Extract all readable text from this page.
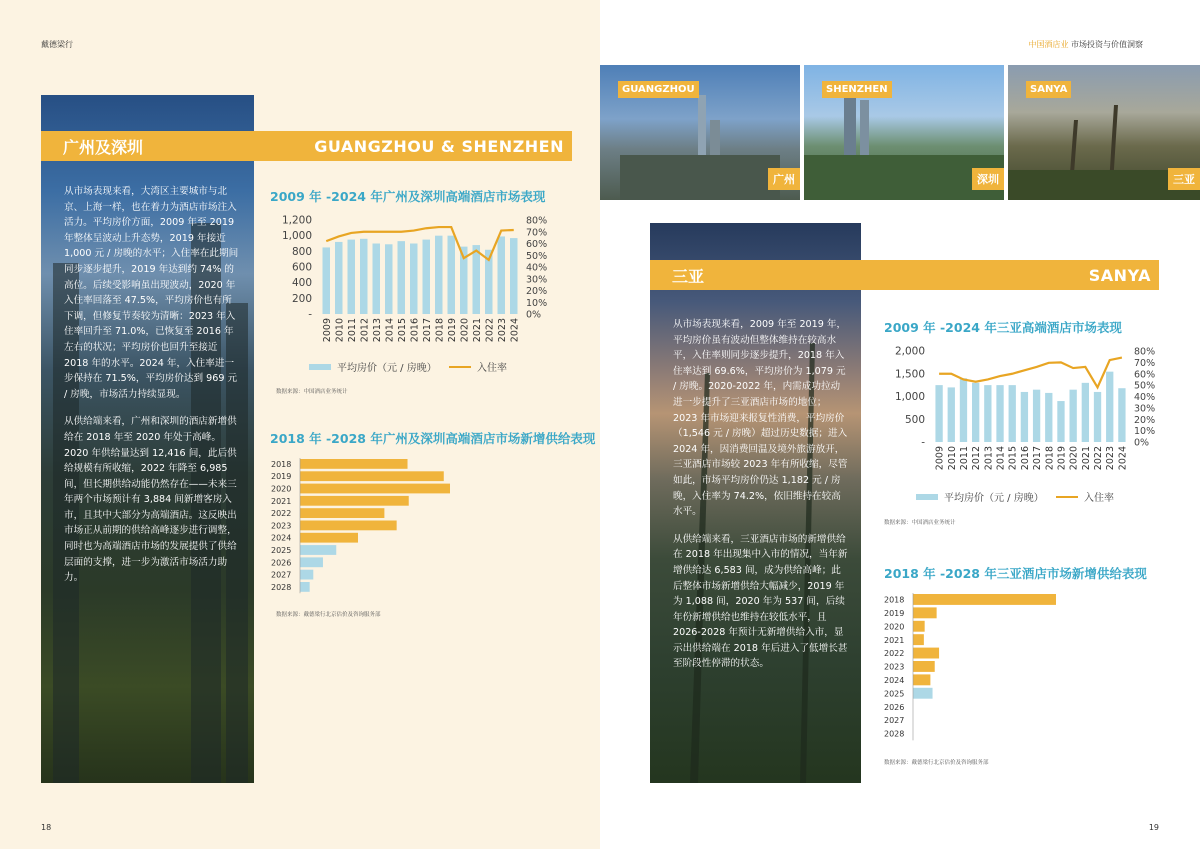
戴德梁行
广州及深圳	GUANGZHOU & SHENZHEN

从市场表现来看，大湾区主要城市与北京、上海一样，也在着力为酒店市场注入活力。平均房价方面，2009 年至 2019 年整体呈波动上升态势，2019 年接近 1,000 元 / 房晚的水平；入住率在此期间同步逐步提升，2019 年达到约 74% 的高位。后续受影响虽出现波动，2020 年入住率回落至 47.5%，平均房价也有所下调，但修复节奏较为清晰：2023 年入住率回升至 71.0%，已恢复至 2016 年左右的状况；平均房价也回升至接近 2018 年的水平。2024 年，入住率进一步保持在 71.5%，平均房价达到 969 元 / 房晚，市场活力持续显现。

从供给端来看，广州和深圳的酒店新增供给在 2018 年至 2020 年处于高峰。2020 年供给量达到 12,416 间，此后供给规模有所收缩，2022 年降至 6,985 间，但长期供给动能仍然存在——未来三年两个市场预计有 3,884 间新增客房入市，且其中大部分为高端酒店。这反映出市场正从前期的供给高峰逐步进行调整，同时也为高端酒店市场的发展提供了供给层面的支撑，进一步为激活市场活力助力。

2009 年 -2024 年广州及深圳高端酒店市场表现
-
200
400
600
800
1,000
1,200
0%
10%
20%
30%
40%
50%
60%
70%
80%
2009 2010 2011 2012 2013 2014 2015 2016 2017 2018 2019 2020 2021 2022 2023 2024
平均房价（元 / 房晚）	入住率
数据来源：中国酒店业务统计
2018 年 -2028 年广州及深圳高端酒店市场新增供给表现
2018
2019
2020
2021
2022
2023
2024
2025
2026
2027
2028
数据来源：戴德梁行北京估价及咨询服务部
18
中国酒店业 市场投资与价值洞察
GUANGZHOU
广州
SHENZHEN
深圳
SANYA
三亚
三亚	SANYA

从市场表现来看，2009 年至 2019 年，平均房价虽有波动但整体维持在较高水平，入住率则同步逐步提升，2018 年入住率达到 69.6%，平均房价为 1,079 元 / 房晚。2020-2022 年，内需成功拉动进一步提升了三亚酒店市场的地位；2023 年市场迎来报复性消费，平均房价（1,546 元 / 房晚）超过历史数据；进入 2024 年，因消费回温及境外旅游放开，三亚酒店市场较 2023 年有所收缩，尽管如此，市场平均房价仍达 1,182 元 / 房晚，入住率为 74.2%，依旧维持在较高水平。

从供给端来看，三亚酒店市场的新增供给在 2018 年出现集中入市的情况，当年新增供给达 6,583 间，成为供给高峰；此后整体市场新增供给大幅减少，2019 年为 1,088 间，2020 年为 537 间，后续年份新增供给也维持在较低水平，且 2026-2028 年预计无新增供给入市，显示出供给端在 2018 年后进入了低增长甚至阶段性停滞的状态。

2009 年 -2024 年三亚高端酒店市场表现
-
500
1,000
1,500
2,000
0%
10%
20%
30%
40%
50%
60%
70%
80%
2009 2010 2011 2012 2013 2014 2015 2016 2017 2018 2019 2020 2021 2022 2023 2024
平均房价（元 / 房晚）	入住率
数据来源：中国酒店业务统计
2018 年 -2028 年三亚酒店市场新增供给表现
2018
2019
2020
2021
2022
2023
2024
2025
2026
2027
2028
数据来源：戴德梁行北京估价及咨询服务部
19
